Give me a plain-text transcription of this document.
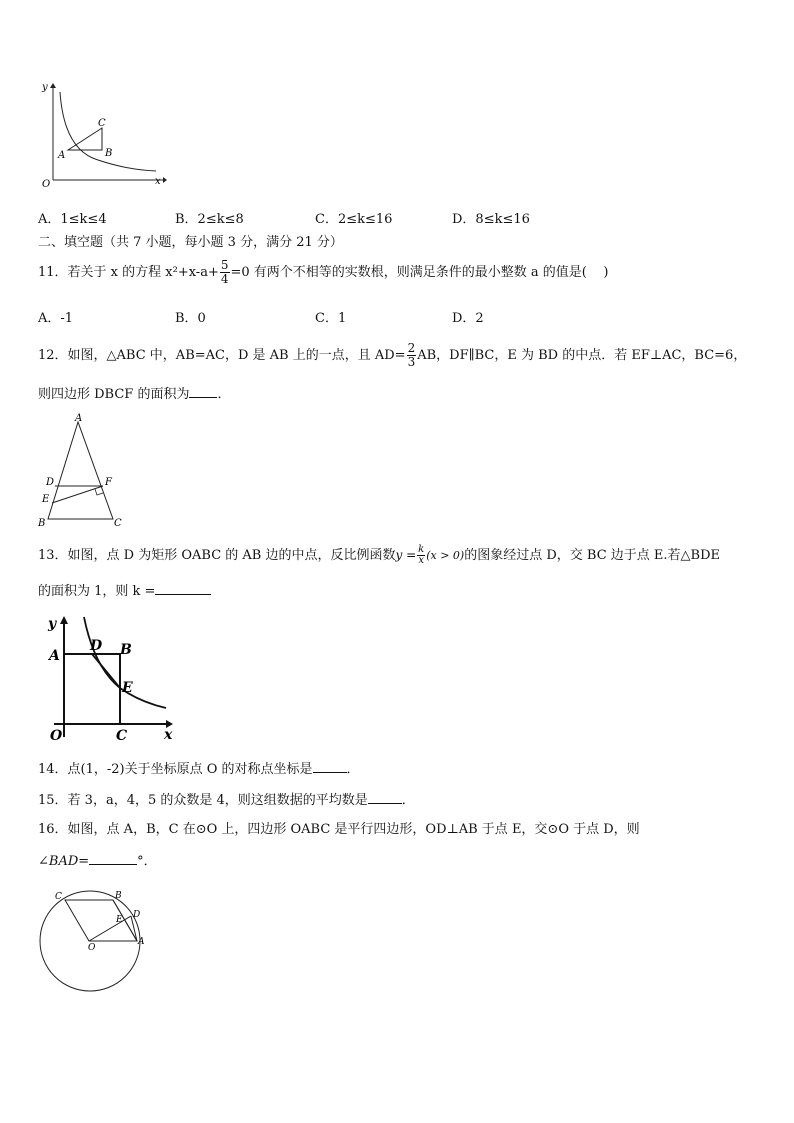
y
x
O
A
C
B
A．1≤k≤4	B．2≤k≤8	C．2≤k≤16	D．8≤k≤16
二、填空题（共 7 小题，每小题 3 分，满分 21 分）
11．若关于 x 的方程 $x^2+x-a+ \frac{5}{4} =0$ 有两个不相等的实数根，则满足条件的最小整数 a 的值是(    )
A．-1	B．0	C．1	D．2
12．如图，△ABC 中，AB=AC，D 是 AB 上的一点，且 $AD= \frac{2}{3}$ AB，DF∥BC，E 为 BD 的中点．若 EF⊥AC，BC=6，
则四边形 DBCF 的面积为 ．
A
D	F
E
B	C
13．如图，点 D 为矩形 OABC 的 AB 边的中点，反比例函数$y = \frac{k}{x} (x > 0)$的图象经过点 D，交 BC 边于点 E.若△BDE
的面积为 1，则 k =
y
A
D B
E
O	C	x
14．点(1，-2)关于坐标原点 O 的对称点坐标是	．
15．若 3，a，4，5 的众数是 4，则这组数据的平均数是	．
16．如图，点 A，B，C 在⊙O 上，四边形 OABC 是平行四边形，OD⊥AB 于点 E，交⊙O 于点 D，则
∠BAD=	°．
C	B
E D
O
A
